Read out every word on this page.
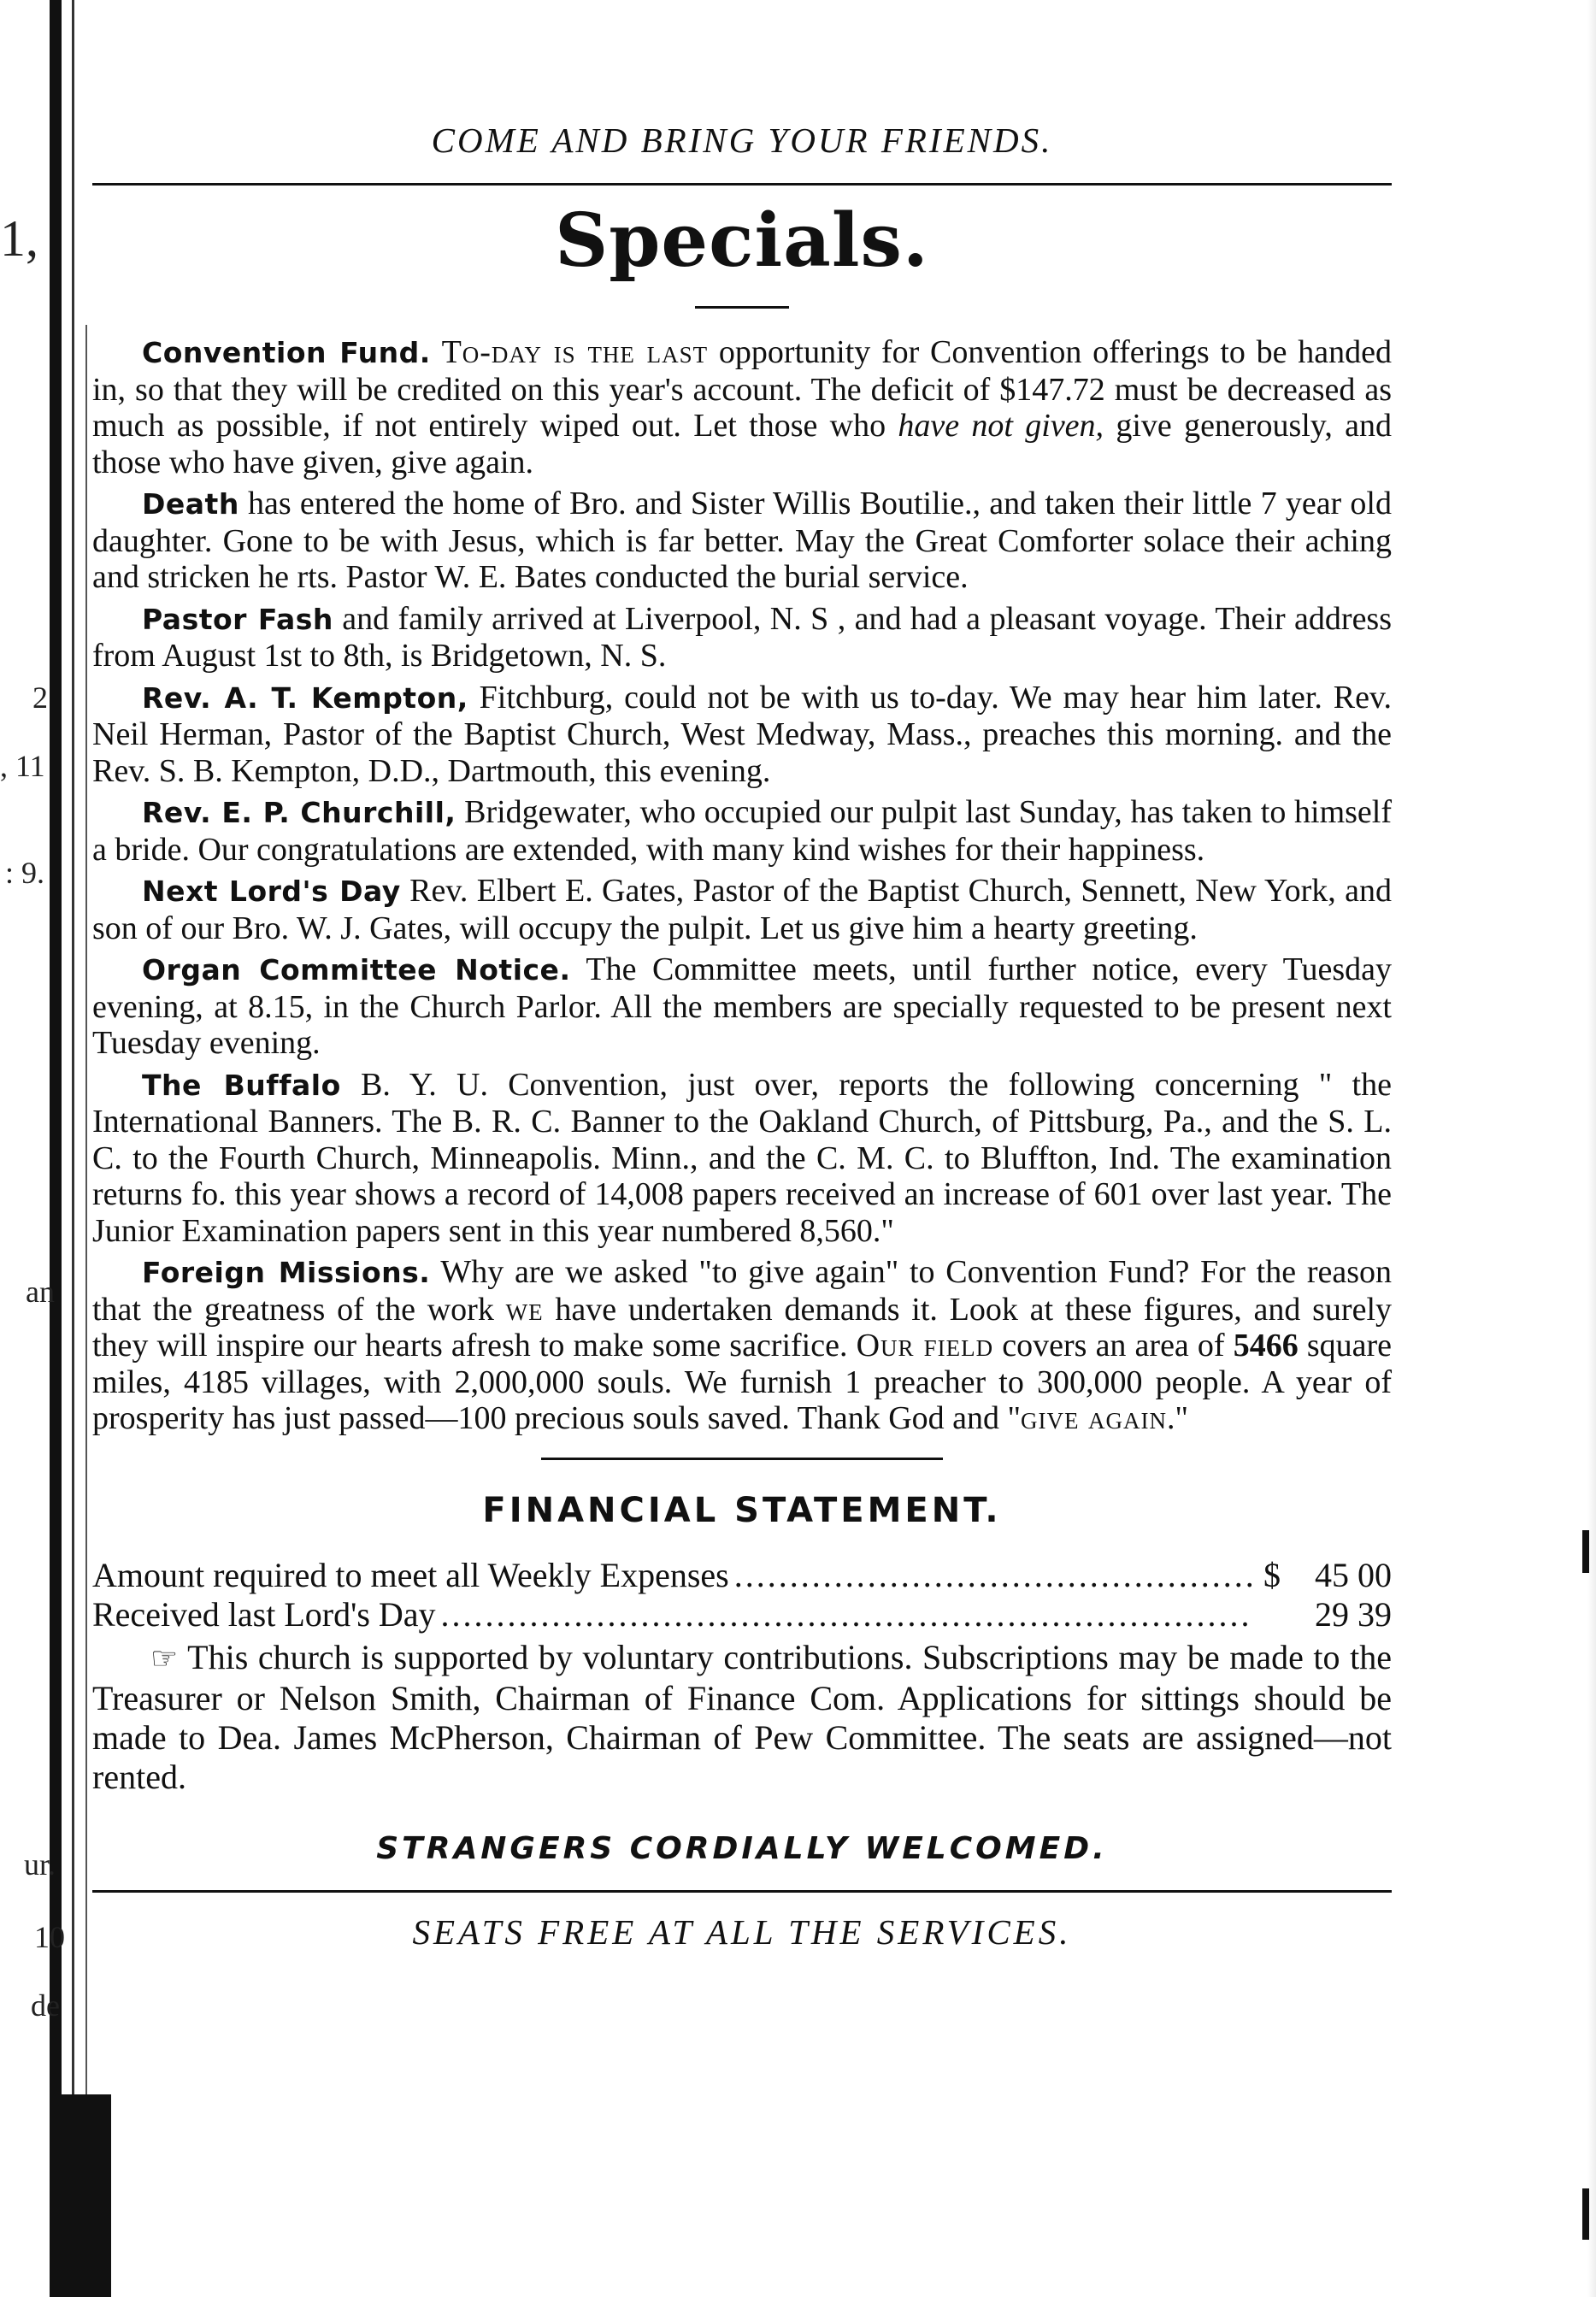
1,
2
, 11
: 9.
an
ur.
10
de
COME AND BRING YOUR FRIENDS.
Specials.

Convention Fund. To-day is the last opportunity for Convention offerings to be handed in, so that they will be credited on this year's account. The deficit of $147.72 must be decreased as much as possible, if not entirely wiped out. Let those who have not given, give generously, and those who have given, give again.

Death has entered the home of Bro. and Sister Willis Boutilie., and taken their little 7 year old daughter. Gone to be with Jesus, which is far better. May the Great Comforter solace their aching and stricken he rts. Pastor W. E. Bates conducted the burial service.

Pastor Fash and family arrived at Liverpool, N. S , and had a pleasant voyage. Their address from August 1st to 8th, is Bridgetown, N. S.

Rev. A. T. Kempton, Fitchburg, could not be with us to-day. We may hear him later. Rev. Neil Herman, Pastor of the Baptist Church, West Medway, Mass., preaches this morning. and the Rev. S. B. Kempton, D.D., Dartmouth, this evening.

Rev. E. P. Churchill, Bridgewater, who occupied our pulpit last Sunday, has taken to himself a bride. Our congratulations are extended, with many kind wishes for their happiness.

Next Lord's Day Rev. Elbert E. Gates, Pastor of the Baptist Church, Sennett, New York, and son of our Bro. W. J. Gates, will occupy the pulpit. Let us give him a hearty greeting.

Organ Committee Notice. The Committee meets, until further notice, every Tuesday evening, at 8.15, in the Church Parlor. All the members are specially requested to be present next Tuesday evening.

The Buffalo B. Y. U. Convention, just over, reports the following concerning " the International Banners. The B. R. C. Banner to the Oakland Church, of Pittsburg, Pa., and the S. L. C. to the Fourth Church, Minneapolis. Minn., and the C. M. C. to Bluffton, Ind. The examination returns fo. this year shows a record of 14,008 papers received an increase of 601 over last year. The Junior Examination papers sent in this year numbered 8,560."

Foreign Missions. Why are we asked "to give again" to Convention Fund? For the reason that the greatness of the work we have undertaken demands it. Look at these figures, and surely they will inspire our hearts afresh to make some sacrifice. Our field covers an area of 5466 square miles, 4185 villages, with 2,000,000 souls. We furnish 1 preacher to 300,000 people. A year of prosperity has just passed—100 precious souls saved. Thank God and "give again."

FINANCIAL STATEMENT.
Amount required to meet all Weekly Expenses .....	$	45 00
Received last Lord's Day .....	29 39

☞ This church is supported by voluntary contributions. Subscriptions may be made to the Treasurer or Nelson Smith, Chairman of Finance Com. Applications for sittings should be made to Dea. James McPherson, Chairman of Pew Committee. The seats are assigned—not rented.

STRANGERS CORDIALLY WELCOMED.
SEATS FREE AT ALL THE SERVICES.
